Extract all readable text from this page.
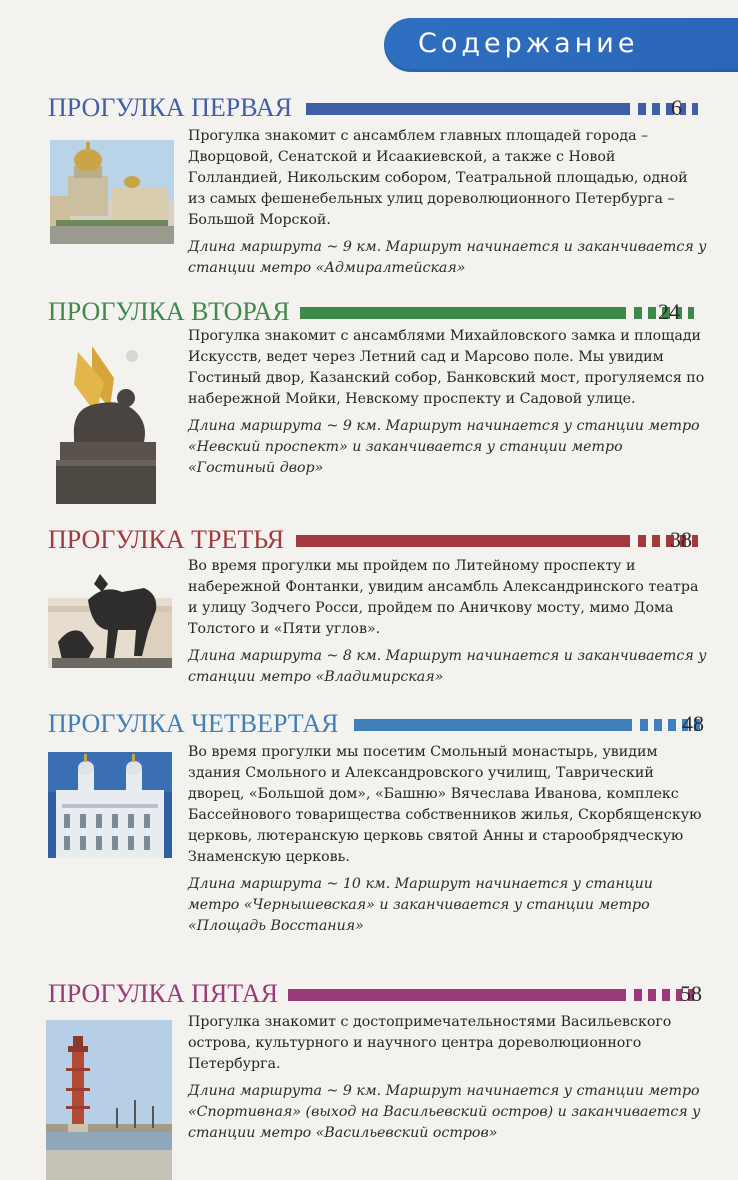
Содержание
ПРОГУЛКА ПЕРВАЯ	6

Прогулка знакомит с ансамблем главных площадей города – Дворцовой, Сенатской и Исаакиевской, а также с Новой Голландией, Никольским собором, Театральной площадью, одной из самых фешенебельных улиц дореволюционного Петербурга – Большой Морской.

Длина маршрута ~ 9 км. Маршрут начинается и заканчивается у станции метро «Адмиралтейская»

ПРОГУЛКА ВТОРАЯ	24

Прогулка знакомит с ансамблями Михайловского замка и площади Искусств, ведет через Летний сад и Марсово поле. Мы увидим Гостиный двор, Казанский собор, Банковский мост, прогуляемся по набережной Мойки, Невскому проспекту и Садовой улице.

Длина маршрута ~ 9 км. Маршрут начинается у станции метро «Невский проспект» и заканчивается у станции метро «Гостиный двор»

ПРОГУЛКА ТРЕТЬЯ	38

Во время прогулки мы пройдем по Литейному проспекту и набережной Фонтанки, увидим ансамбль Александринского театра и улицу Зодчего Росси, пройдем по Аничкову мосту, мимо Дома Толстого и «Пяти углов».

Длина маршрута ~ 8 км. Маршрут начинается и заканчивается у станции метро «Владимирская»

ПРОГУЛКА ЧЕТВЕРТАЯ	48

Во время прогулки мы посетим Смольный монастырь, увидим здания Смольного и Александровского училищ, Таврический дворец, «Большой дом», «Башню» Вячеслава Иванова, комплекс Бассейнового товарищества собственников жилья, Скорбященскую церковь, лютеранскую церковь святой Анны и старообрядческую Знаменскую церковь.

Длина маршрута ~ 10 км. Маршрут начинается у станции метро «Чернышевская» и заканчивается у станции метро «Площадь Восстания»

ПРОГУЛКА ПЯТАЯ	58

Прогулка знакомит с достопримечательностями Васильевского острова, культурного и научного центра дореволюционного Петербурга.

Длина маршрута ~ 9 км. Маршрут начинается у станции метро «Спортивная» (выход на Васильевский остров) и заканчивается у станции метро «Васильевский остров»
